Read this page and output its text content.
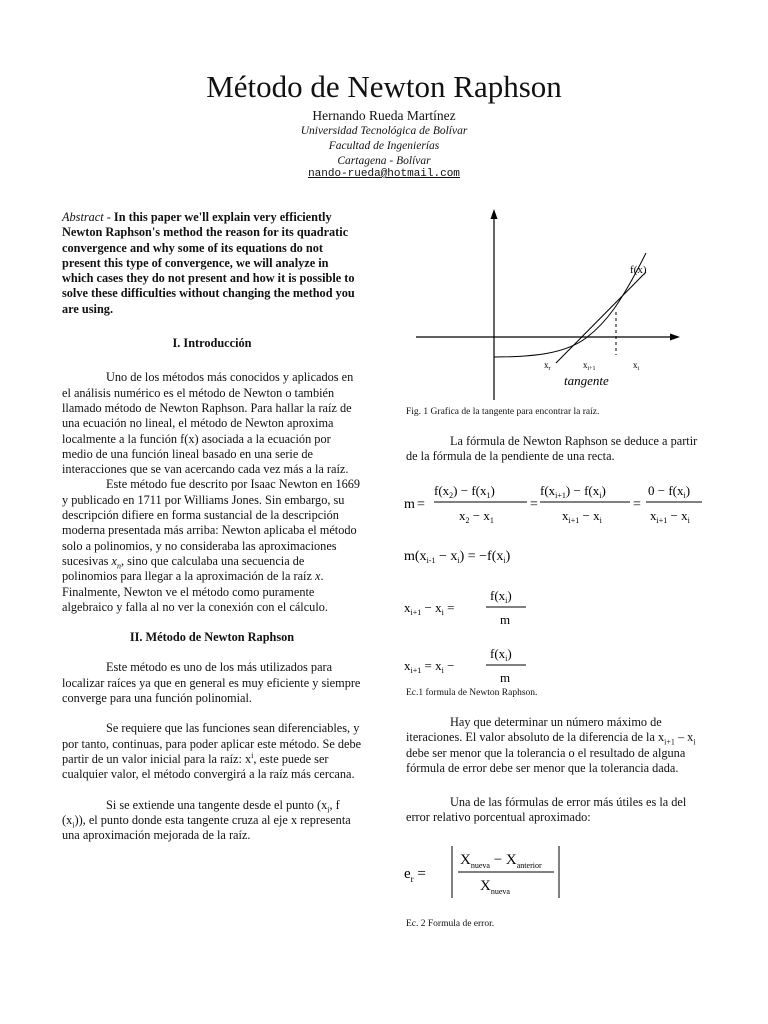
Método de Newton Raphson
Hernando Rueda Martínez
Universidad Tecnológica de Bolívar
Facultad de Ingenierías
Cartagena - Bolívar
nando-rueda@hotmail.com

Abstract - In this paper we'll explain very efficiently Newton Raphson's method the reason for its quadratic convergence and why some of its equations do not present this type of convergence, we will analyze in which cases they do not present and how it is possible to solve these difficulties without changing the method you are using.

I. Introducción

Uno de los métodos más conocidos y aplicados en el análisis numérico es el método de Newton o también llamado método de Newton Raphson. Para hallar la raíz de una ecuación no lineal, el método de Newton aproxima localmente a la función f(x) asociada a la ecuación por medio de una función lineal basado en una serie de interacciones que se van acercando cada vez más a la raíz.

Este método fue descrito por Isaac Newton en 1669 y publicado en 1711 por Williams Jones. Sin embargo, su descripción difiere en forma sustancial de la descripción moderna presentada más arriba: Newton aplicaba el método solo a polinomios, y no consideraba las aproximaciones sucesivas $x_n$, sino que calculaba una secuencia de polinomios para llegar a la aproximación de la raíz x. Finalmente, Newton ve el método como puramente algebraico y falla al no ver la conexión con el cálculo.

II. Método de Newton Raphson

Este método es uno de los más utilizados para localizar raíces ya que en general es muy eficiente y siempre converge para una función polinomial.

Se requiere que las funciones sean diferenciables, y por tanto, continuas, para poder aplicar este método. Se debe partir de un valor inicial para la raíz: $x^i$, este puede ser cualquier valor, el método convergirá a la raíz más cercana.

Si se extiende una tangente desde el punto ($x_i$, f $(x_i)$), el punto donde esta tangente cruza al eje x representa una aproximación mejorada de la raíz.

f(x)
$x_r$	$x_{i+1}$	$x_i$
tangente
Fig. 1 Grafica de la tangente para encontrar la raíz.

La fórmula de Newton Raphson se deduce a partir de la fórmula de la pendiente de una recta.

m =
$f(x_2) - f(x_1)$
$x_2 - x_1$
=
$f(x_{i+1}) - f(x_i)$
$x_{i+1} - x_i$
=
$0 - f(x_i)$
$x_{i+1} - x_i$
$m(x_{i-1} - x_i) = -f(x_i)$
$x_{i+1} - x_i$ =
$f(x_i)$
m
$x_{i+1} = x_i$ −
$f(x_i)$
m
Ec.1 formula de Newton Raphson.

Hay que determinar un número máximo de iteraciones. El valor absoluto de la diferencia de la $x_{i+1} - x_i$ debe ser menor que la tolerancia o el resultado de alguna fórmula de error debe ser menor que la tolerancia dada.

Una de las fórmulas de error más útiles es la del error relativo porcentual aproximado:

$e_r$ =
$X_{nueva} - X_{anterior}$
$X_{nueva}$
Ec. 2 Formula de error.
